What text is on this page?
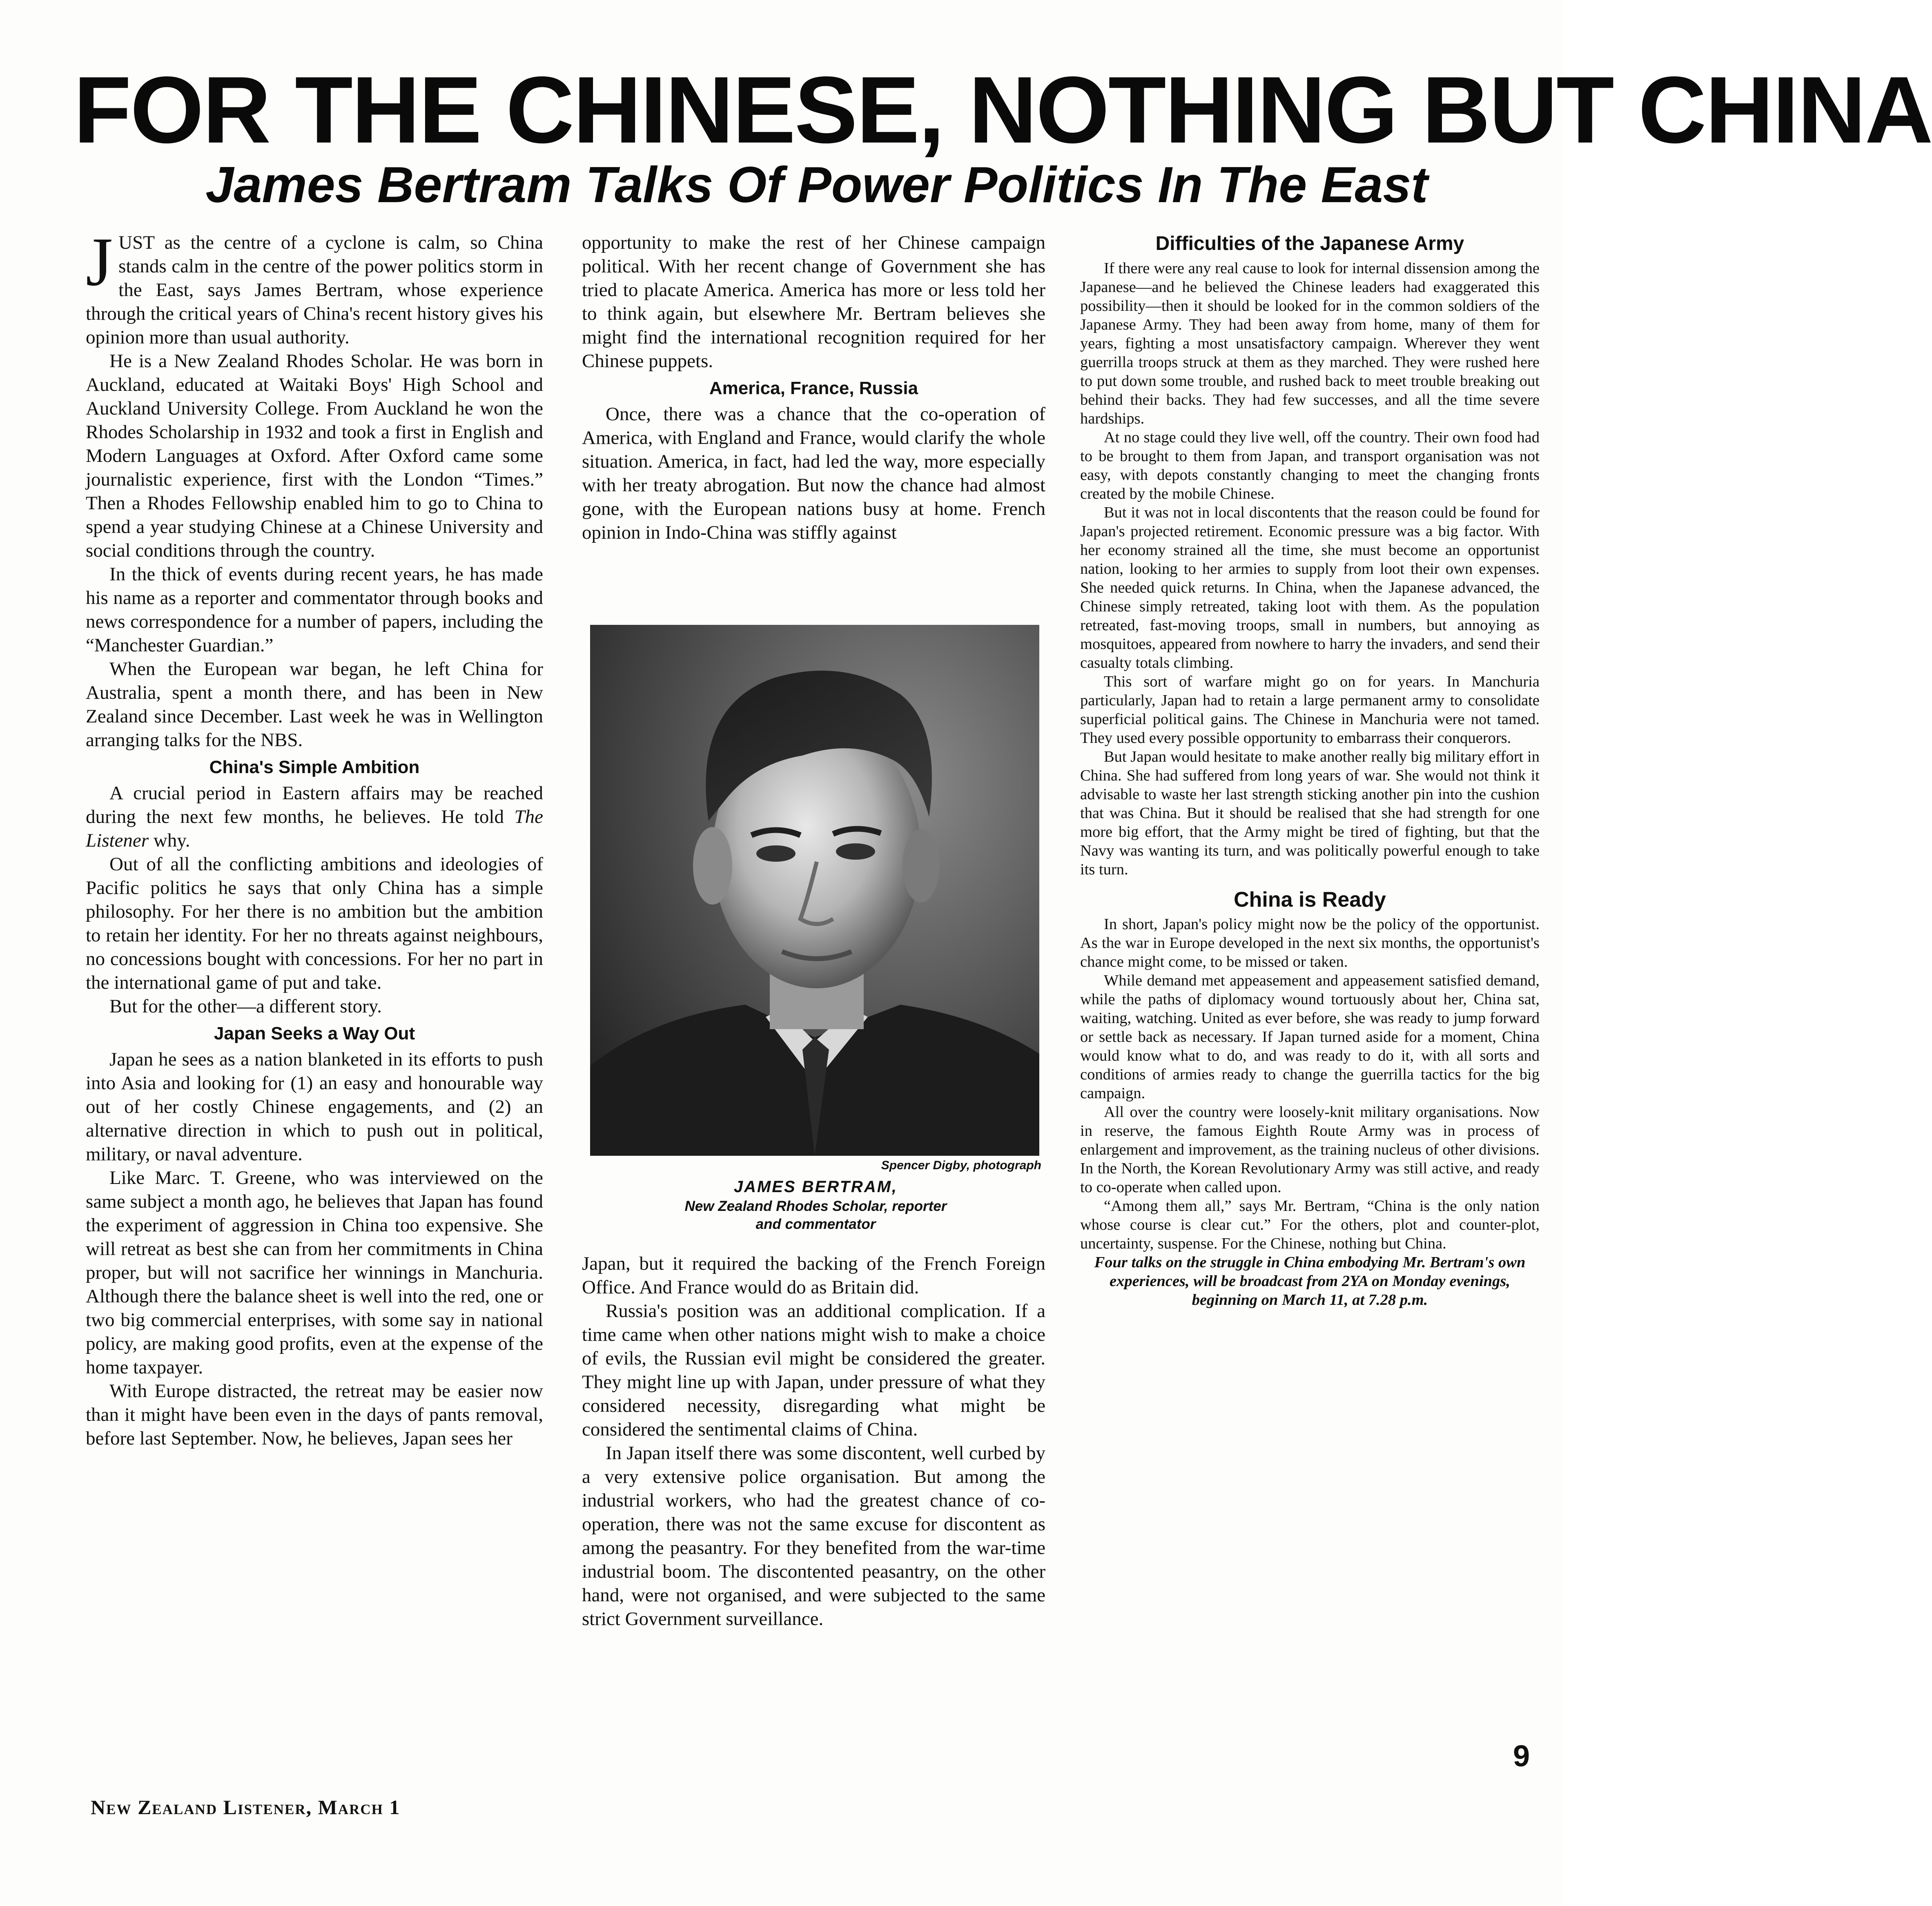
FOR THE CHINESE, NOTHING BUT CHINA
James Bertram Talks Of Power Politics In The East

JUST as the centre of a cyclone is calm, so China stands calm in the centre of the power politics storm in the East, says James Bertram, whose experience through the critical years of China's recent history gives his opinion more than usual authority.

He is a New Zealand Rhodes Scholar. He was born in Auckland, educated at Waitaki Boys' High School and Auckland University College. From Auckland he won the Rhodes Scholarship in 1932 and took a first in English and Modern Languages at Oxford. After Oxford came some journalistic experience, first with the London “Times.” Then a Rhodes Fellowship enabled him to go to China to spend a year studying Chinese at a Chinese University and social conditions through the country.

In the thick of events during recent years, he has made his name as a reporter and commentator through books and news correspondence for a number of papers, including the “Manchester Guardian.”

When the European war began, he left China for Australia, spent a month there, and has been in New Zealand since December. Last week he was in Wellington arranging talks for the NBS.

China's Simple Ambition

A crucial period in Eastern affairs may be reached during the next few months, he believes. He told The Listener why.

Out of all the conflicting ambitions and ideologies of Pacific politics he says that only China has a simple philosophy. For her there is no ambition but the ambition to retain her identity. For her no threats against neighbours, no concessions bought with concessions. For her no part in the international game of put and take.

But for the other—a different story.

Japan Seeks a Way Out

Japan he sees as a nation blanketed in its efforts to push into Asia and looking for (1) an easy and honourable way out of her costly Chinese engagements, and (2) an alternative direction in which to push out in political, military, or naval adventure.

Like Marc. T. Greene, who was interviewed on the same subject a month ago, he believes that Japan has found the experiment of aggression in China too expensive. She will retreat as best she can from her commitments in China proper, but will not sacrifice her winnings in Manchuria. Although there the balance sheet is well into the red, one or two big commercial enterprises, with some say in national policy, are making good profits, even at the expense of the home taxpayer.

With Europe distracted, the retreat may be easier now than it might have been even in the days of pants removal, before last September. Now, he believes, Japan sees her

opportunity to make the rest of her Chinese campaign political. With her recent change of Government she has tried to placate America. America has more or less told her to think again, but elsewhere Mr. Bertram believes she might find the international recognition required for her Chinese puppets.

America, France, Russia

Once, there was a chance that the co-operation of America, with England and France, would clarify the whole situation. America, in fact, had led the way, more especially with her treaty abrogation. But now the chance had almost gone, with the European nations busy at home. French opinion in Indo-China was stiffly against

Spencer Digby, photograph
JAMES BERTRAM,
New Zealand Rhodes Scholar, reporter
and commentator

Japan, but it required the backing of the French Foreign Office. And France would do as Britain did.

Russia's position was an additional complication. If a time came when other nations might wish to make a choice of evils, the Russian evil might be considered the greater. They might line up with Japan, under pressure of what they considered necessity, disregarding what might be considered the sentimental claims of China.

In Japan itself there was some discontent, well curbed by a very extensive police organisation. But among the industrial workers, who had the greatest chance of co-operation, there was not the same excuse for discontent as among the peasantry. For they benefited from the war-time industrial boom. The discontented peasantry, on the other hand, were not organised, and were subjected to the same strict Government surveillance.

Difficulties of the Japanese Army

If there were any real cause to look for internal dissension among the Japanese—and he believed the Chinese leaders had exaggerated this possibility—then it should be looked for in the common soldiers of the Japanese Army. They had been away from home, many of them for years, fighting a most unsatisfactory campaign. Wherever they went guerrilla troops struck at them as they marched. They were rushed here to put down some trouble, and rushed back to meet trouble breaking out behind their backs. They had few successes, and all the time severe hardships.

At no stage could they live well, off the country. Their own food had to be brought to them from Japan, and transport organisation was not easy, with depots constantly changing to meet the changing fronts created by the mobile Chinese.

But it was not in local discontents that the reason could be found for Japan's projected retirement. Economic pressure was a big factor. With her economy strained all the time, she must become an opportunist nation, looking to her armies to supply from loot their own expenses. She needed quick returns. In China, when the Japanese advanced, the Chinese simply retreated, taking loot with them. As the population retreated, fast-moving troops, small in numbers, but annoying as mosquitoes, appeared from nowhere to harry the invaders, and send their casualty totals climbing.

This sort of warfare might go on for years. In Manchuria particularly, Japan had to retain a large permanent army to consolidate superficial political gains. The Chinese in Manchuria were not tamed. They used every possible opportunity to embarrass their conquerors.

But Japan would hesitate to make another really big military effort in China. She had suffered from long years of war. She would not think it advisable to waste her last strength sticking another pin into the cushion that was China. But it should be realised that she had strength for one more big effort, that the Army might be tired of fighting, but that the Navy was wanting its turn, and was politically powerful enough to take its turn.

China is Ready

In short, Japan's policy might now be the policy of the opportunist. As the war in Europe developed in the next six months, the opportunist's chance might come, to be missed or taken.

While demand met appeasement and appeasement satisfied demand, while the paths of diplomacy wound tortuously about her, China sat, waiting, watching. United as ever before, she was ready to jump forward or settle back as necessary. If Japan turned aside for a moment, China would know what to do, and was ready to do it, with all sorts and conditions of armies ready to change the guerrilla tactics for the big campaign.

All over the country were loosely-knit military organisations. Now in reserve, the famous Eighth Route Army was in process of enlargement and improvement, as the training nucleus of other divisions. In the North, the Korean Revolutionary Army was still active, and ready to co-operate when called upon.

“Among them all,” says Mr. Bertram, “China is the only nation whose course is clear cut.” For the others, plot and counter-plot, uncertainty, suspense. For the Chinese, nothing but China.

Four talks on the struggle in China embodying Mr. Bertram's own experiences, will be broadcast from 2YA on Monday evenings, beginning on March 11, at 7.28 p.m.

New Zealand Listener, March 1
9
